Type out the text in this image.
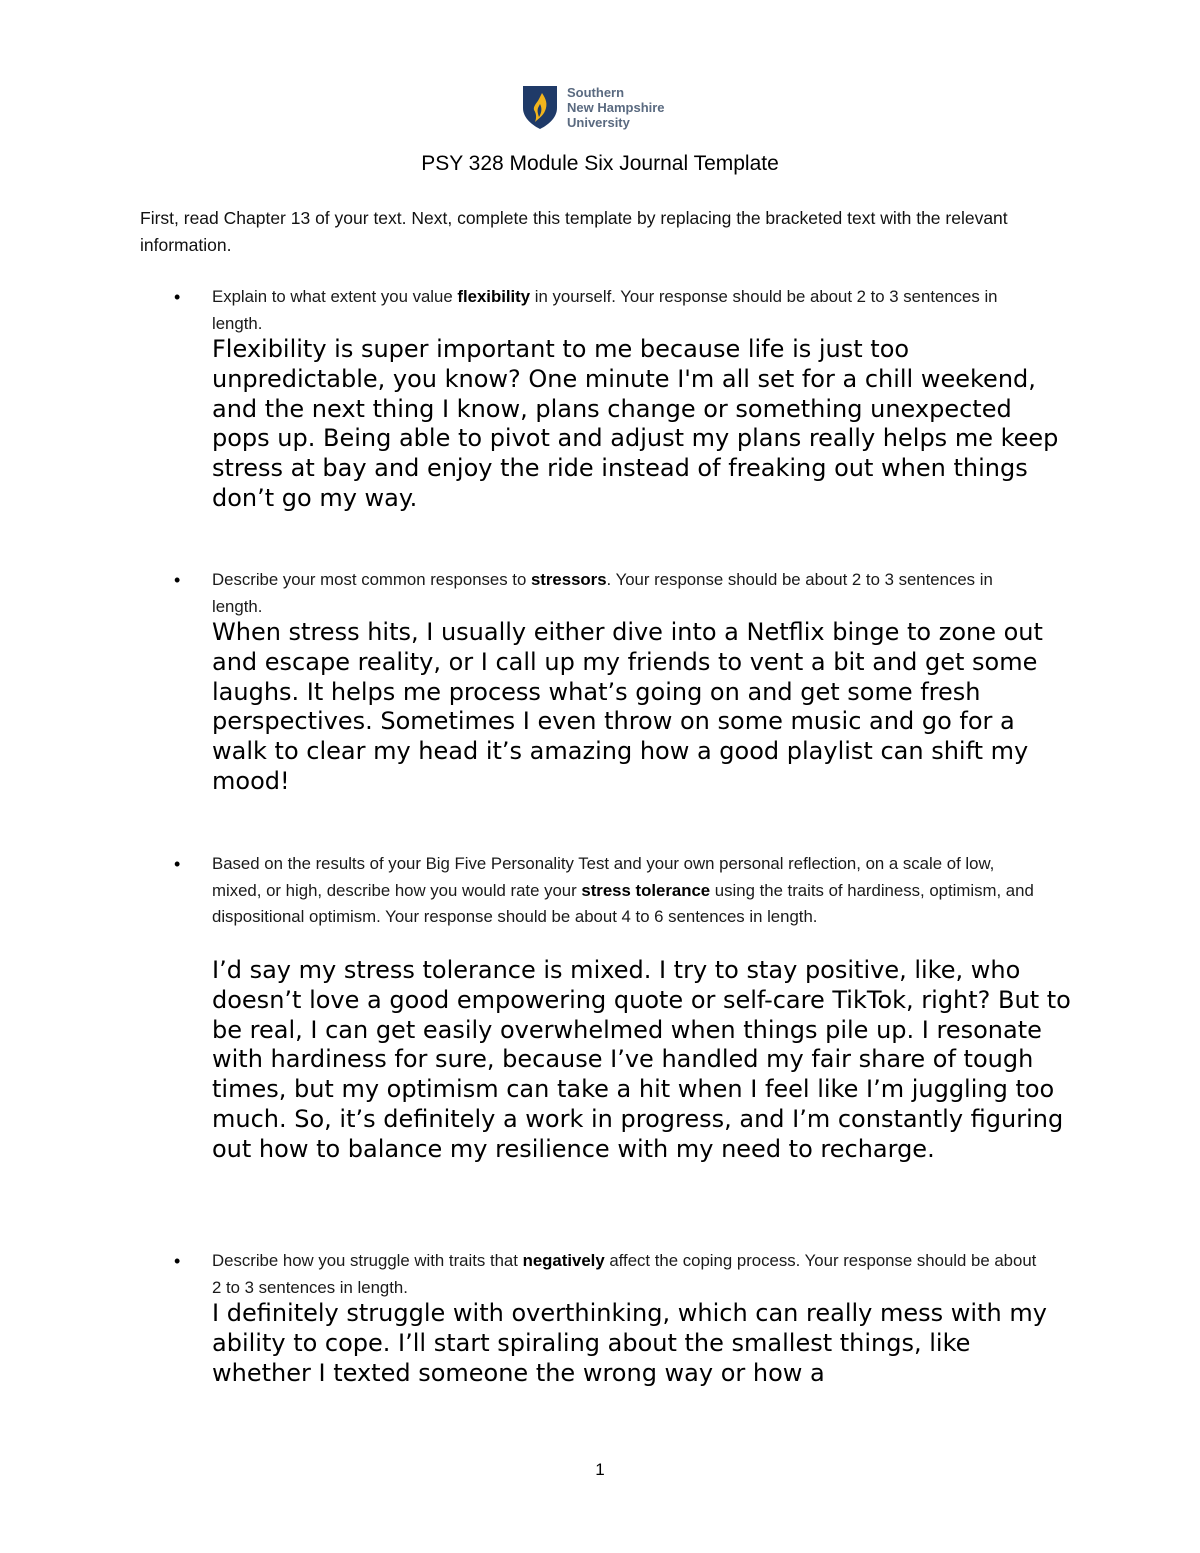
Southern
New Hampshire
University
PSY 328 Module Six Journal Template
First, read Chapter 13 of your text. Next, complete this template by replacing the bracketed text with the relevant information.
• Explain to what extent you value flexibility in yourself. Your response should be about 2 to 3 sentences in length.
Flexibility is super important to me because life is just too unpredictable, you know? One minute I'm all set for a chill weekend, and the next thing I know, plans change or something unexpected pops up. Being able to pivot and adjust my plans really helps me keep stress at bay and enjoy the ride instead of freaking out when things don’t go my way.
• Describe your most common responses to stressors. Your response should be about 2 to 3 sentences in length.
When stress hits, I usually either dive into a Netflix binge to zone out and escape reality, or I call up my friends to vent a bit and get some laughs. It helps me process what’s going on and get some fresh perspectives. Sometimes I even throw on some music and go for a walk to clear my head it’s amazing how a good playlist can shift my mood!
• Based on the results of your Big Five Personality Test and your own personal reflection, on a scale of low, mixed, or high, describe how you would rate your stress tolerance using the traits of hardiness, optimism, and dispositional optimism. Your response should be about 4 to 6 sentences in length.
I’d say my stress tolerance is mixed. I try to stay positive, like, who doesn’t love a good empowering quote or self-care TikTok, right? But to be real, I can get easily overwhelmed when things pile up. I resonate with hardiness for sure, because I’ve handled my fair share of tough times, but my optimism can take a hit when I feel like I’m juggling too much. So, it’s definitely a work in progress, and I’m constantly figuring out how to balance my resilience with my need to recharge.
• Describe how you struggle with traits that negatively affect the coping process. Your response should be about 2 to 3 sentences in length.
I definitely struggle with overthinking, which can really mess with my ability to cope. I’ll start spiraling about the smallest things, like whether I texted someone the wrong way or how a
1
